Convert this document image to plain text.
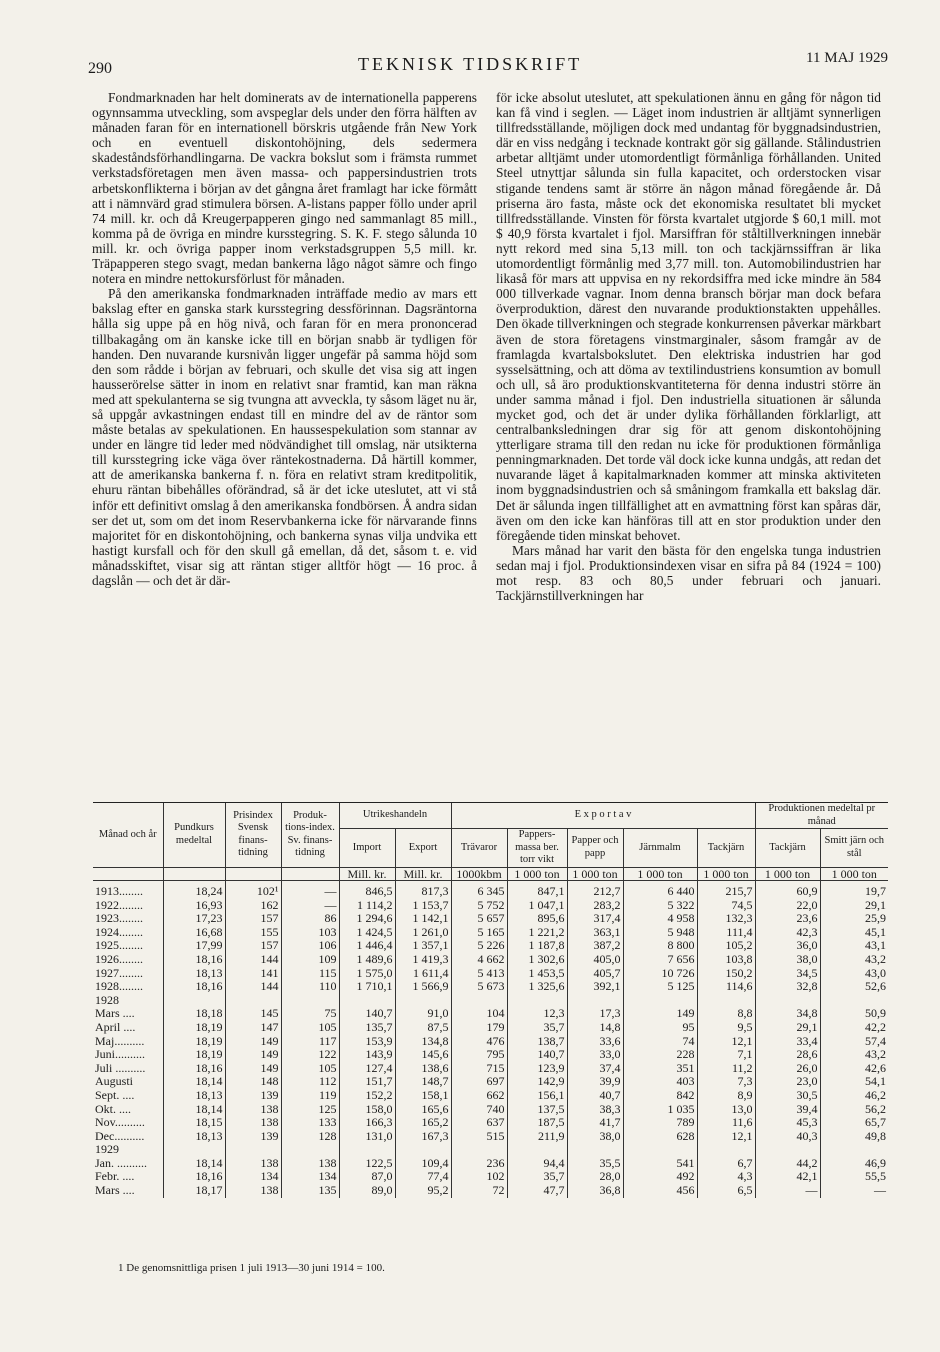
290	TEKNISK TIDSKRIFT	11 MAJ 1929

Fondmarknaden har helt dominerats av de internationella papperens ogynnsamma utveckling, som avspeglar dels under den förra hälften av månaden faran för en internationell börskris utgående från New York och en eventuell diskontohöjning, dels sedermera skadeståndsförhandlingarna. De vackra bokslut som i främsta rummet verkstadsföretagen men även massa- och pappersindustrien trots arbetskonflikterna i början av det gångna året framlagt har icke förmått att i nämnvärd grad stimulera börsen. A-listans papper föllo under april 74 mill. kr. och då Kreugerpapperen gingo ned sammanlagt 85 mill., komma på de övriga en mindre kursstegring. S. K. F. stego sålunda 10 mill. kr. och övriga papper inom verkstadsgruppen 5,5 mill. kr. Träpapperen stego svagt, medan bankerna lågo något sämre och fingo notera en mindre nettokursförlust för månaden.

På den amerikanska fondmarknaden inträffade medio av mars ett bakslag efter en ganska stark kursstegring dessförinnan. Dagsräntorna hålla sig uppe på en hög nivå, och faran för en mera prononcerad tillbakagång om än kanske icke till en början snabb är tydligen för handen. Den nuvarande kursnivån ligger ungefär på samma höjd som den som rådde i början av februari, och skulle det visa sig att ingen hausserörelse sätter in inom en relativt snar framtid, kan man räkna med att spekulanterna se sig tvungna att avveckla, ty såsom läget nu är, så uppgår avkastningen endast till en mindre del av de räntor som måste betalas av spekulationen. En haussespekulation som stannar av under en längre tid leder med nödvändighet till omslag, när utsikterna till kursstegring icke väga över räntekostnaderna. Då härtill kommer, att de amerikanska bankerna f. n. föra en relativt stram kreditpolitik, ehuru räntan bibehålles oförändrad, så är det icke uteslutet, att vi stå inför ett definitivt omslag å den amerikanska fondbörsen. Å andra sidan ser det ut, som om det inom Reservbankerna icke för närvarande finns majoritet för en diskontohöjning, och bankerna synas vilja undvika ett hastigt kursfall och för den skull gå emellan, då det, såsom t. e. vid månadsskiftet, visar sig att räntan stiger alltför högt — 16 proc. å dagslån — och det är där-

för icke absolut uteslutet, att spekulationen ännu en gång för någon tid kan få vind i seglen. — Läget inom industrien är alltjämt synnerligen tillfredsställande, möjligen dock med undantag för byggnadsindustrien, där en viss nedgång i tecknade kontrakt gör sig gällande. Stålindustrien arbetar alltjämt under utomordentligt förmånliga förhållanden. United Steel utnyttjar sålunda sin fulla kapacitet, och orderstocken visar stigande tendens samt är större än någon månad föregående år. Då priserna äro fasta, måste ock det ekonomiska resultatet bli mycket tillfredsställande. Vinsten för första kvartalet utgjorde $ 60,1 mill. mot $ 40,9 första kvartalet i fjol. Marsiffran för ståltillverkningen innebär nytt rekord med sina 5,13 mill. ton och tackjärnssiffran är lika utomordentligt förmånlig med 3,77 mill. ton. Automobilindustrien har likaså för mars att uppvisa en ny rekordsiffra med icke mindre än 584 000 tillverkade vagnar. Inom denna bransch börjar man dock befara överproduktion, därest den nuvarande produktionstakten uppehålles. Den ökade tillverkningen och stegrade konkurrensen påverkar märkbart även de stora företagens vinstmarginaler, såsom framgår av de framlagda kvartalsbokslutet. Den elektriska industrien har god sysselsättning, och att döma av textilindustriens konsumtion av bomull och ull, så äro produktionskvantiteterna för denna industri större än under samma månad i fjol. Den industriella situationen är sålunda mycket god, och det är under dylika förhållanden förklarligt, att centralbanksledningen drar sig för att genom diskontohöjning ytterligare strama till den redan nu icke för produktionen förmånliga penningmarknaden. Det torde väl dock icke kunna undgås, att redan det nuvarande läget å kapitalmarknaden kommer att minska aktiviteten inom byggnadsindustrien och så småningom framkalla ett bakslag där. Det är sålunda ingen tillfällighet att en avmattning först kan spåras där, även om den icke kan hänföras till att en stor produktion under den föregående tiden minskat behovet.

Mars månad har varit den bästa för den engelska tunga industrien sedan maj i fjol. Produktionsindexen visar en sifra på 84 (1924 = 100) mot resp. 83 och 80,5 under februari och januari. Tackjärnstillverkningen har

Månad och år	Pundkurs medeltal	Prisindex Svensk finans-tidning	Produk-tions-index. Sv. finans-tidning	Utrikeshandeln		E x p o r t a v					Produktionen medeltal pr månad	
				Import	Export	Trävaror	Pappers-massa ber. torr vikt	Papper och papp	Järnmalm	Tackjärn	Tackjärn	Smitt järn och stål
				Mill. kr.	Mill. kr.	1000kbm	1 000 ton	1 000 ton	1 000 ton	1 000 ton	1 000 ton	1 000 ton
1913........	18,24	102¹	—	846,5	817,3	6 345	847,1	212,7	6 440	215,7	60,9	19,7
1922........	16,93	162	—	1 114,2	1 153,7	5 752	1 047,1	283,2	5 322	74,5	22,0	29,1
1923........	17,23	157	86	1 294,6	1 142,1	5 657	895,6	317,4	4 958	132,3	23,6	25,9
1924........	16,68	155	103	1 424,5	1 261,0	5 165	1 221,2	363,1	5 948	111,4	42,3	45,1
1925........	17,99	157	106	1 446,4	1 357,1	5 226	1 187,8	387,2	8 800	105,2	36,0	43,1
1926........	18,16	144	109	1 489,6	1 419,3	4 662	1 302,6	405,0	7 656	103,8	38,0	43,2
1927........	18,13	141	115	1 575,0	1 611,4	5 413	1 453,5	405,7	10 726	150,2	34,5	43,0
1928........	18,16	144	110	1 710,1	1 566,9	5 673	1 325,6	392,1	5 125	114,6	32,8	52,6
1928												
Mars ....	18,18	145	75	140,7	91,0	104	12,3	17,3	149	8,8	34,8	50,9
April ....	18,19	147	105	135,7	87,5	179	35,7	14,8	95	9,5	29,1	42,2
Maj..........	18,19	149	117	153,9	134,8	476	138,7	33,6	74	12,1	33,4	57,4
Juni..........	18,19	149	122	143,9	145,6	795	140,7	33,0	228	7,1	28,6	43,2
Juli ..........	18,16	149	105	127,4	138,6	715	123,9	37,4	351	11,2	26,0	42,6
Augusti	18,14	148	112	151,7	148,7	697	142,9	39,9	403	7,3	23,0	54,1
Sept. ....	18,13	139	119	152,2	158,1	662	156,1	40,7	842	8,9	30,5	46,2
Okt. ....	18,14	138	125	158,0	165,6	740	137,5	38,3	1 035	13,0	39,4	56,2
Nov..........	18,15	138	133	166,3	165,2	637	187,5	41,7	789	11,6	45,3	65,7
Dec..........	18,13	139	128	131,0	167,3	515	211,9	38,0	628	12,1	40,3	49,8
1929												
Jan. ..........	18,14	138	138	122,5	109,4	236	94,4	35,5	541	6,7	44,2	46,9
Febr. ....	18,16	134	134	87,0	77,4	102	35,7	28,0	492	4,3	42,1	55,5
Mars ....	18,17	138	135	89,0	95,2	72	47,7	36,8	456	6,5	—	—
1 De genomsnittliga prisen 1 juli 1913—30 juni 1914 = 100.
